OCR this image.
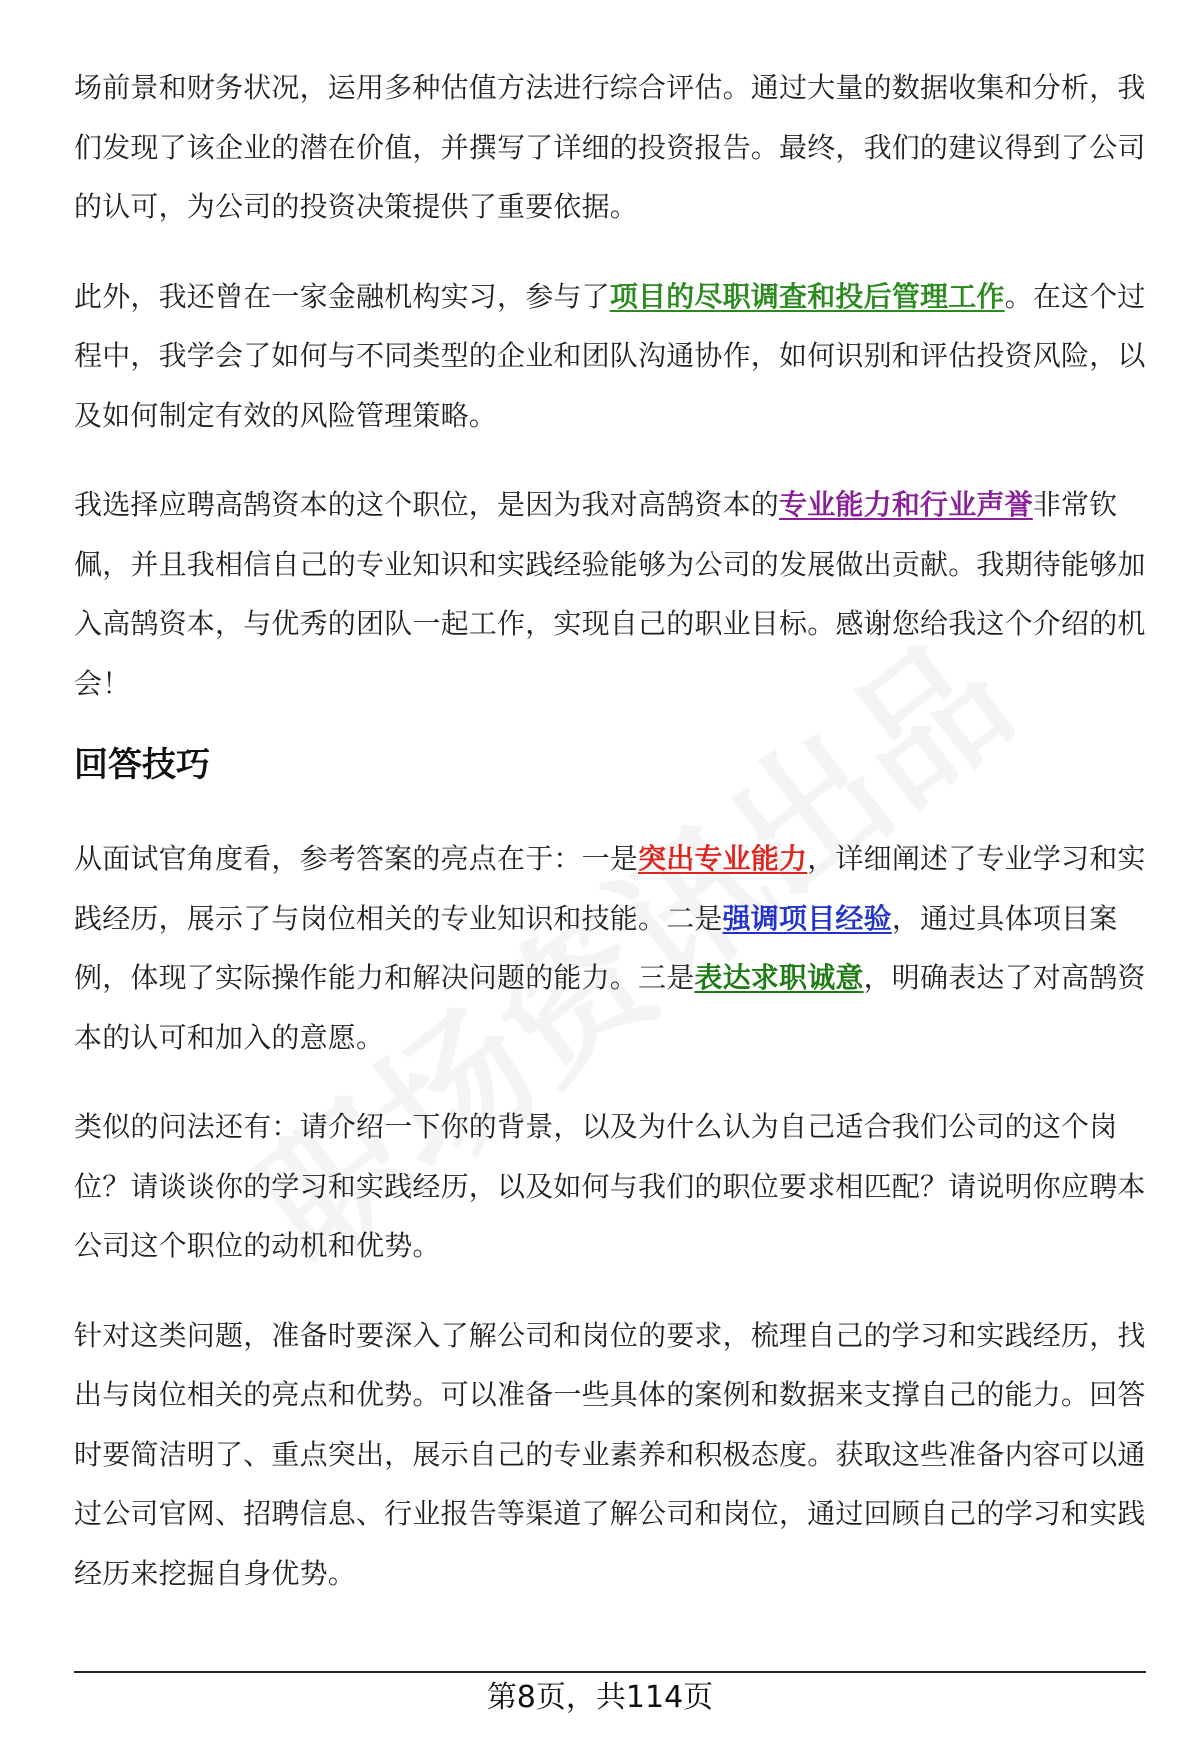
场前景和财务状况，运用多种估值方法进行综合评估。通过大量的数据收集和分析，我们发现了该企业的潜在价值，并撰写了详细的投资报告。最终，我们的建议得到了公司的认可，为公司的投资决策提供了重要依据。

此外，我还曾在一家金融机构实习，参与了项目的尽职调查和投后管理工作。在这个过程中，我学会了如何与不同类型的企业和团队沟通协作，如何识别和评估投资风险，以及如何制定有效的风险管理策略。

我选择应聘高鹄资本的这个职位，是因为我对高鹄资本的专业能力和行业声誉非常钦佩，并且我相信自己的专业知识和实践经验能够为公司的发展做出贡献。我期待能够加入高鹄资本，与优秀的团队一起工作，实现自己的职业目标。感谢您给我这个介绍的机会！

回答技巧

从面试官角度看，参考答案的亮点在于：一是突出专业能力，详细阐述了专业学习和实践经历，展示了与岗位相关的专业知识和技能。二是强调项目经验，通过具体项目案例，体现了实际操作能力和解决问题的能力。三是表达求职诚意，明确表达了对高鹄资本的认可和加入的意愿。

类似的问法还有：请介绍一下你的背景，以及为什么认为自己适合我们公司的这个岗位？请谈谈你的学习和实践经历，以及如何与我们的职位要求相匹配？请说明你应聘本公司这个职位的动机和优势。

针对这类问题，准备时要深入了解公司和岗位的要求，梳理自己的学习和实践经历，找出与岗位相关的亮点和优势。可以准备一些具体的案例和数据来支撑自己的能力。回答时要简洁明了、重点突出，展示自己的专业素养和积极态度。获取这些准备内容可以通过公司官网、招聘信息、行业报告等渠道了解公司和岗位，通过回顾自己的学习和实践经历来挖掘自身优势。

第8页，共114页
